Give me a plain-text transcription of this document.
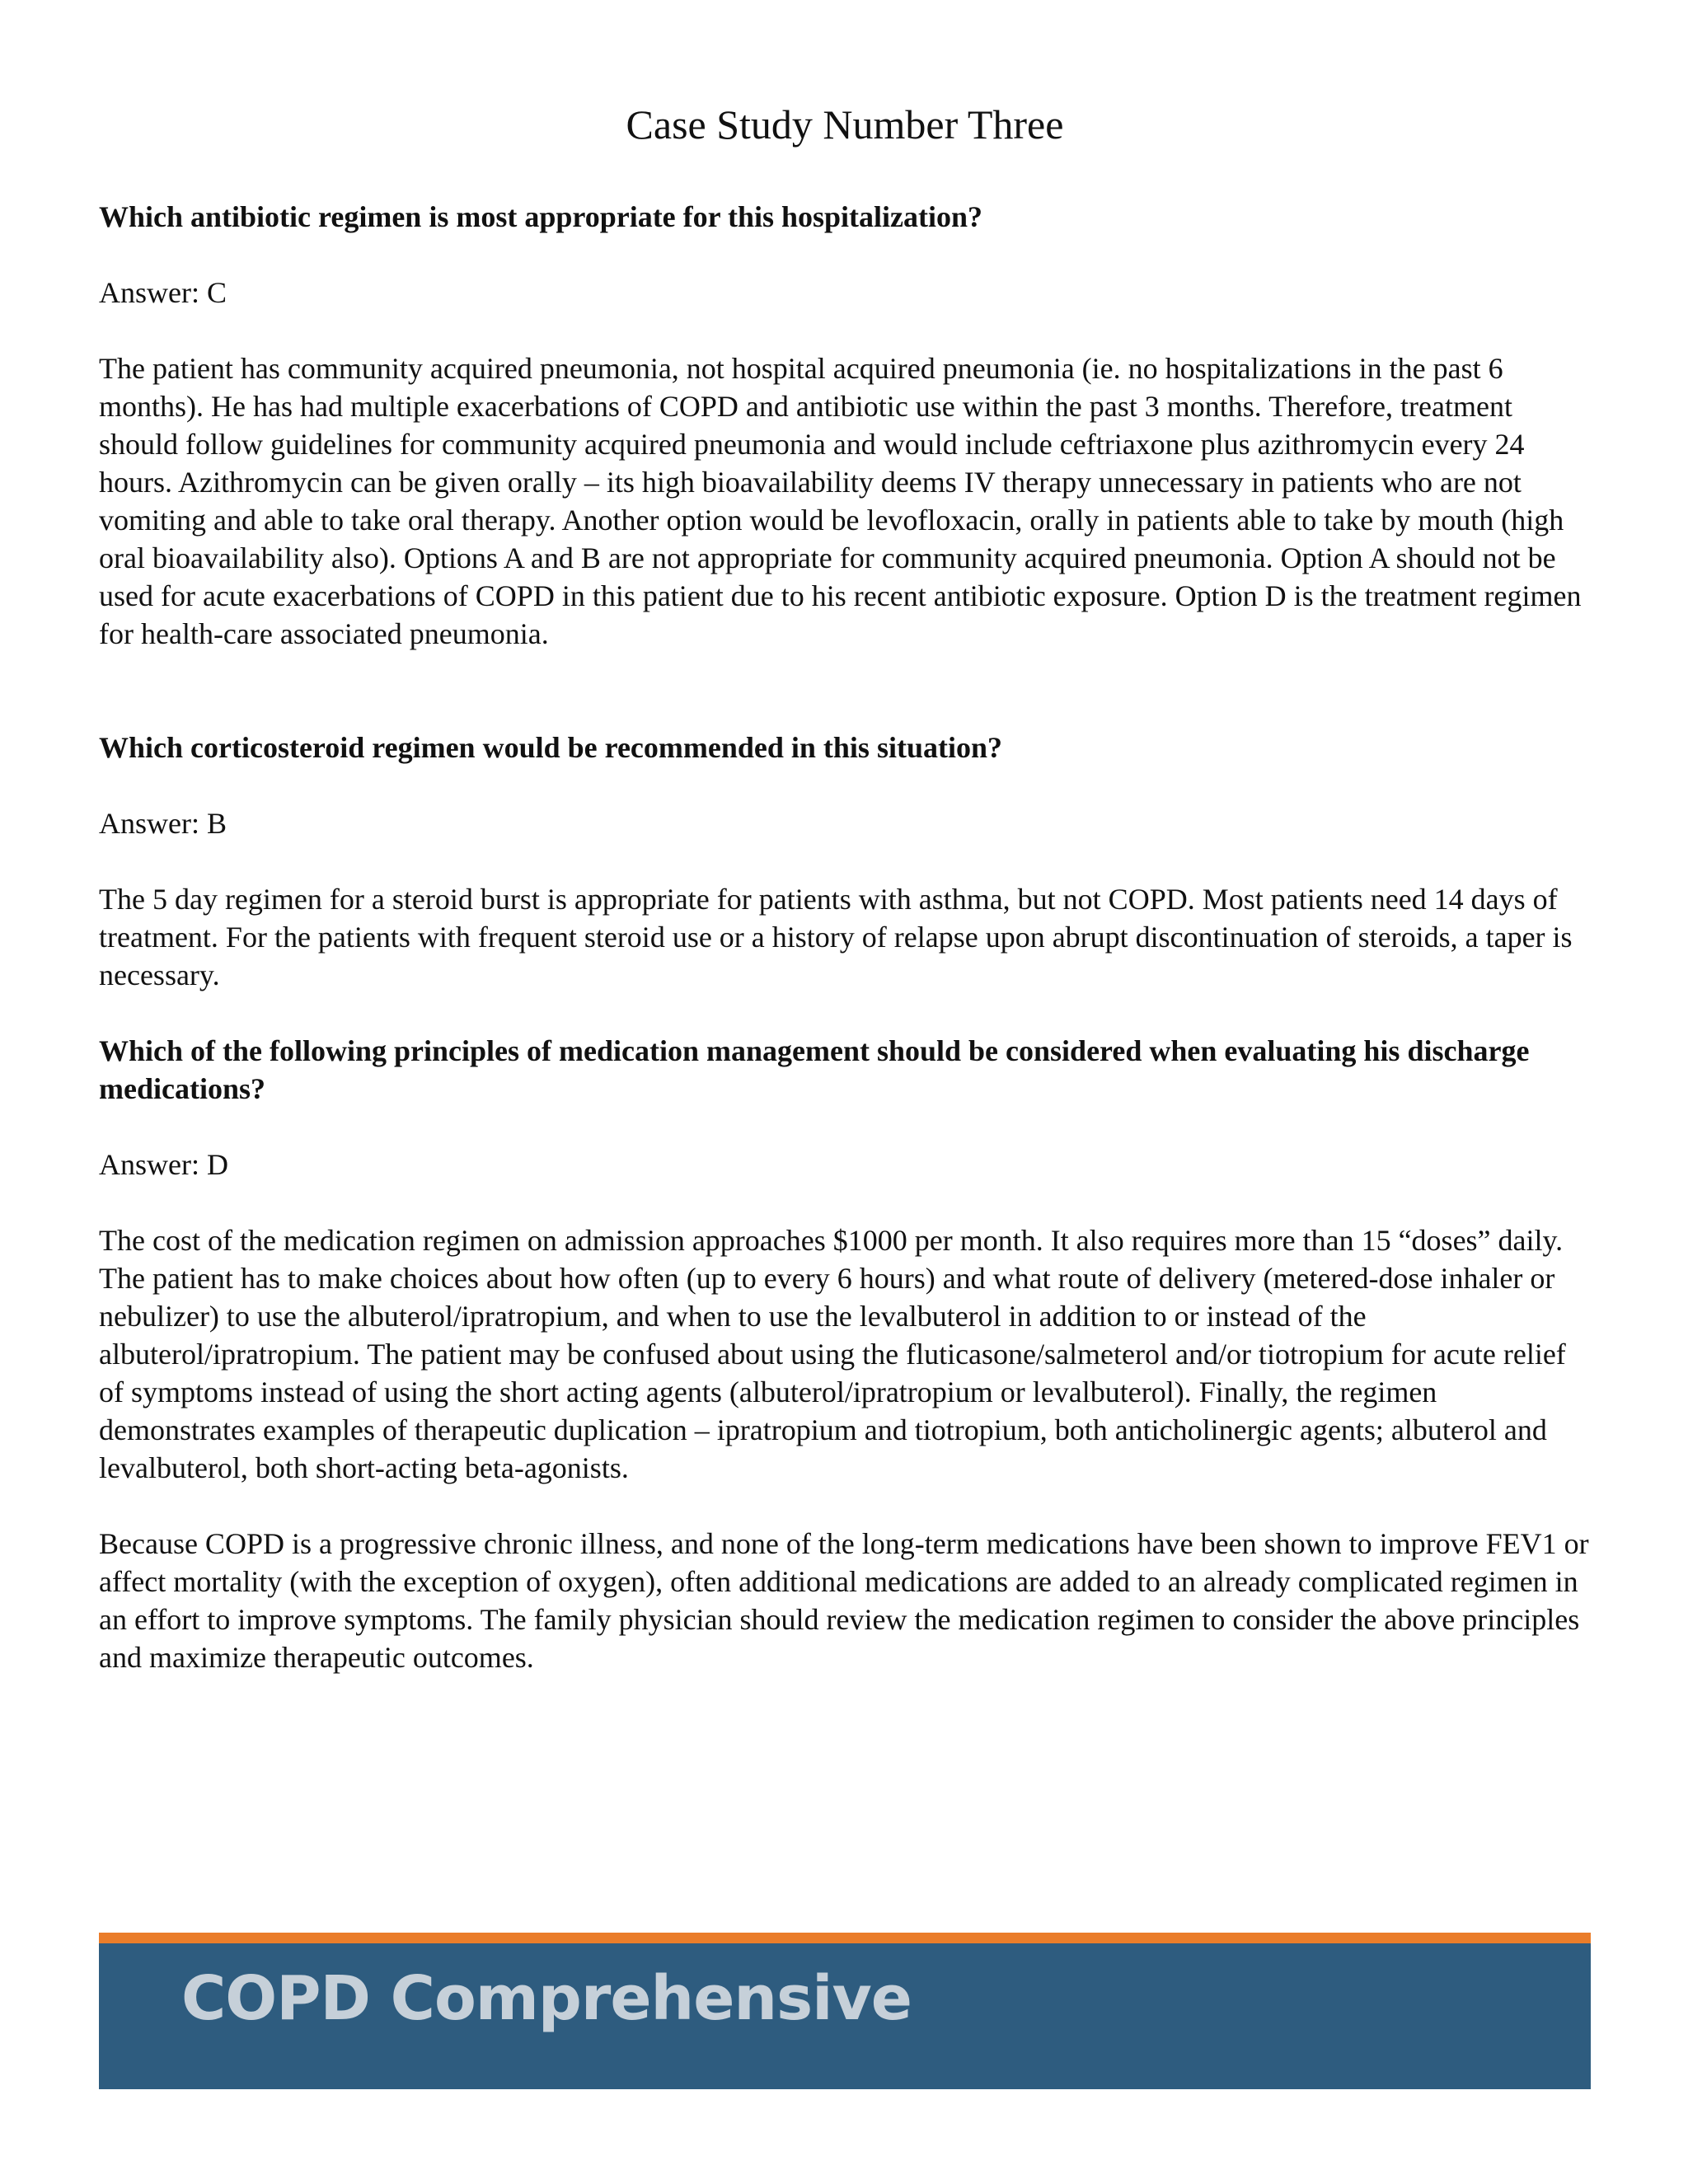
Case Study Number Three

Which antibiotic regimen is most appropriate for this hospitalization?

Answer: C

The patient has community acquired pneumonia, not hospital acquired pneumonia (ie. no hospitalizations in the past 6 months). He has had multiple exacerbations of COPD and antibiotic use within the past 3 months. Therefore, treatment should follow guidelines for community acquired pneumonia and would include ceftriaxone plus azithromycin every 24 hours. Azithromycin can be given orally – its high bioavailability deems IV therapy unnecessary in patients who are not vomiting and able to take oral therapy. Another option would be levofloxacin, orally in patients able to take by mouth (high oral bioavailability also). Options A and B are not appropriate for community acquired pneumonia. Option A should not be used for acute exacerbations of COPD in this patient due to his recent antibiotic exposure. Option D is the treatment regimen for health-care associated pneumonia.

Which corticosteroid regimen would be recommended in this situation?

Answer: B

The 5 day regimen for a steroid burst is appropriate for patients with asthma, but not COPD. Most patients need 14 days of treatment. For the patients with frequent steroid use or a history of relapse upon abrupt discontinuation of steroids, a taper is necessary.

Which of the following principles of medication management should be considered when evaluating his discharge medications?

Answer: D

The cost of the medication regimen on admission approaches $1000 per month. It also requires more than 15 “doses” daily. The patient has to make choices about how often (up to every 6 hours) and what route of delivery (metered-dose inhaler or nebulizer) to use the albuterol/ipratropium, and when to use the levalbuterol in addition to or instead of the albuterol/ipratropium. The patient may be confused about using the fluticasone/salmeterol and/or tiotropium for acute relief of symptoms instead of using the short acting agents (albuterol/ipratropium or levalbuterol). Finally, the regimen demonstrates examples of therapeutic duplication – ipratropium and tiotropium, both anticholinergic agents; albuterol and levalbuterol, both short-acting beta-agonists.

Because COPD is a progressive chronic illness, and none of the long-term medications have been shown to improve FEV1 or affect mortality (with the exception of oxygen), often additional medications are added to an already complicated regimen in an effort to improve symptoms. The family physician should review the medication regimen to consider the above principles and maximize therapeutic outcomes.

COPD Comprehensive
